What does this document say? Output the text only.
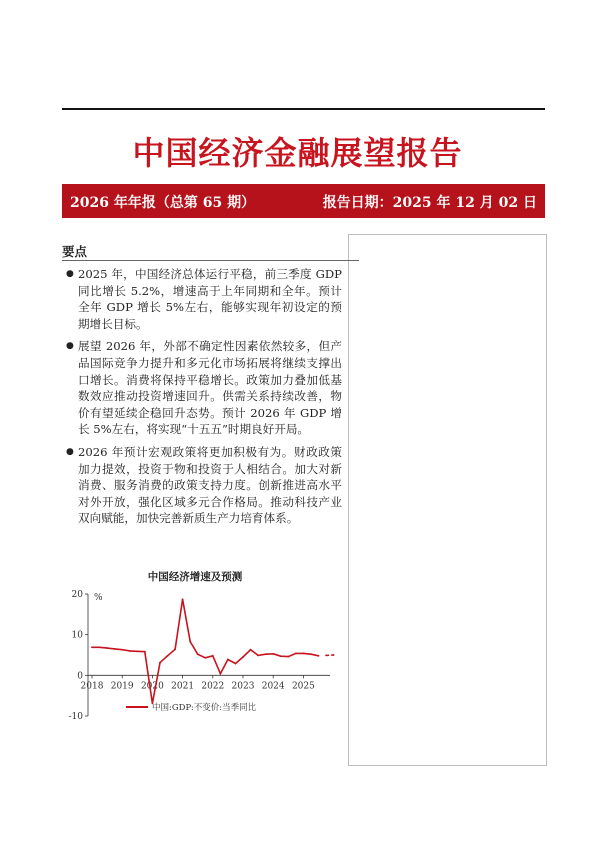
中国经济金融展望报告
2026 年年报（总第 65 期）	报告日期：2025 年 12 月 02 日
要点
● 2025 年，中国经济总体运行平稳，前三季度 GDP 同比增长 5.2%，增速高于上年同期和全年。预计全年 GDP 增长 5%左右，能够实现年初设定的预期增长目标。
● 展望 2026 年，外部不确定性因素依然较多，但产品国际竞争力提升和多元化市场拓展将继续支撑出口增长。消费将保持平稳增长。政策加力叠加低基数效应推动投资增速回升。供需关系持续改善，物价有望延续企稳回升态势。预计 2026 年 GDP 增长 5%左右，将实现“十五五”时期良好开局。
● 2026 年预计宏观政策将更加积极有为。财政政策加力提效，投资于物和投资于人相结合。加大对新消费、服务消费的政策支持力度。创新推进高水平对外开放，强化区域多元合作格局。推动科技产业双向赋能，加快完善新质生产力培育体系。
中国经济增速及预测
%
-10
0
10
20
2018 2019 2020 2021 2022 2023 2024 2025
中国:GDP:不变价:当季同比
